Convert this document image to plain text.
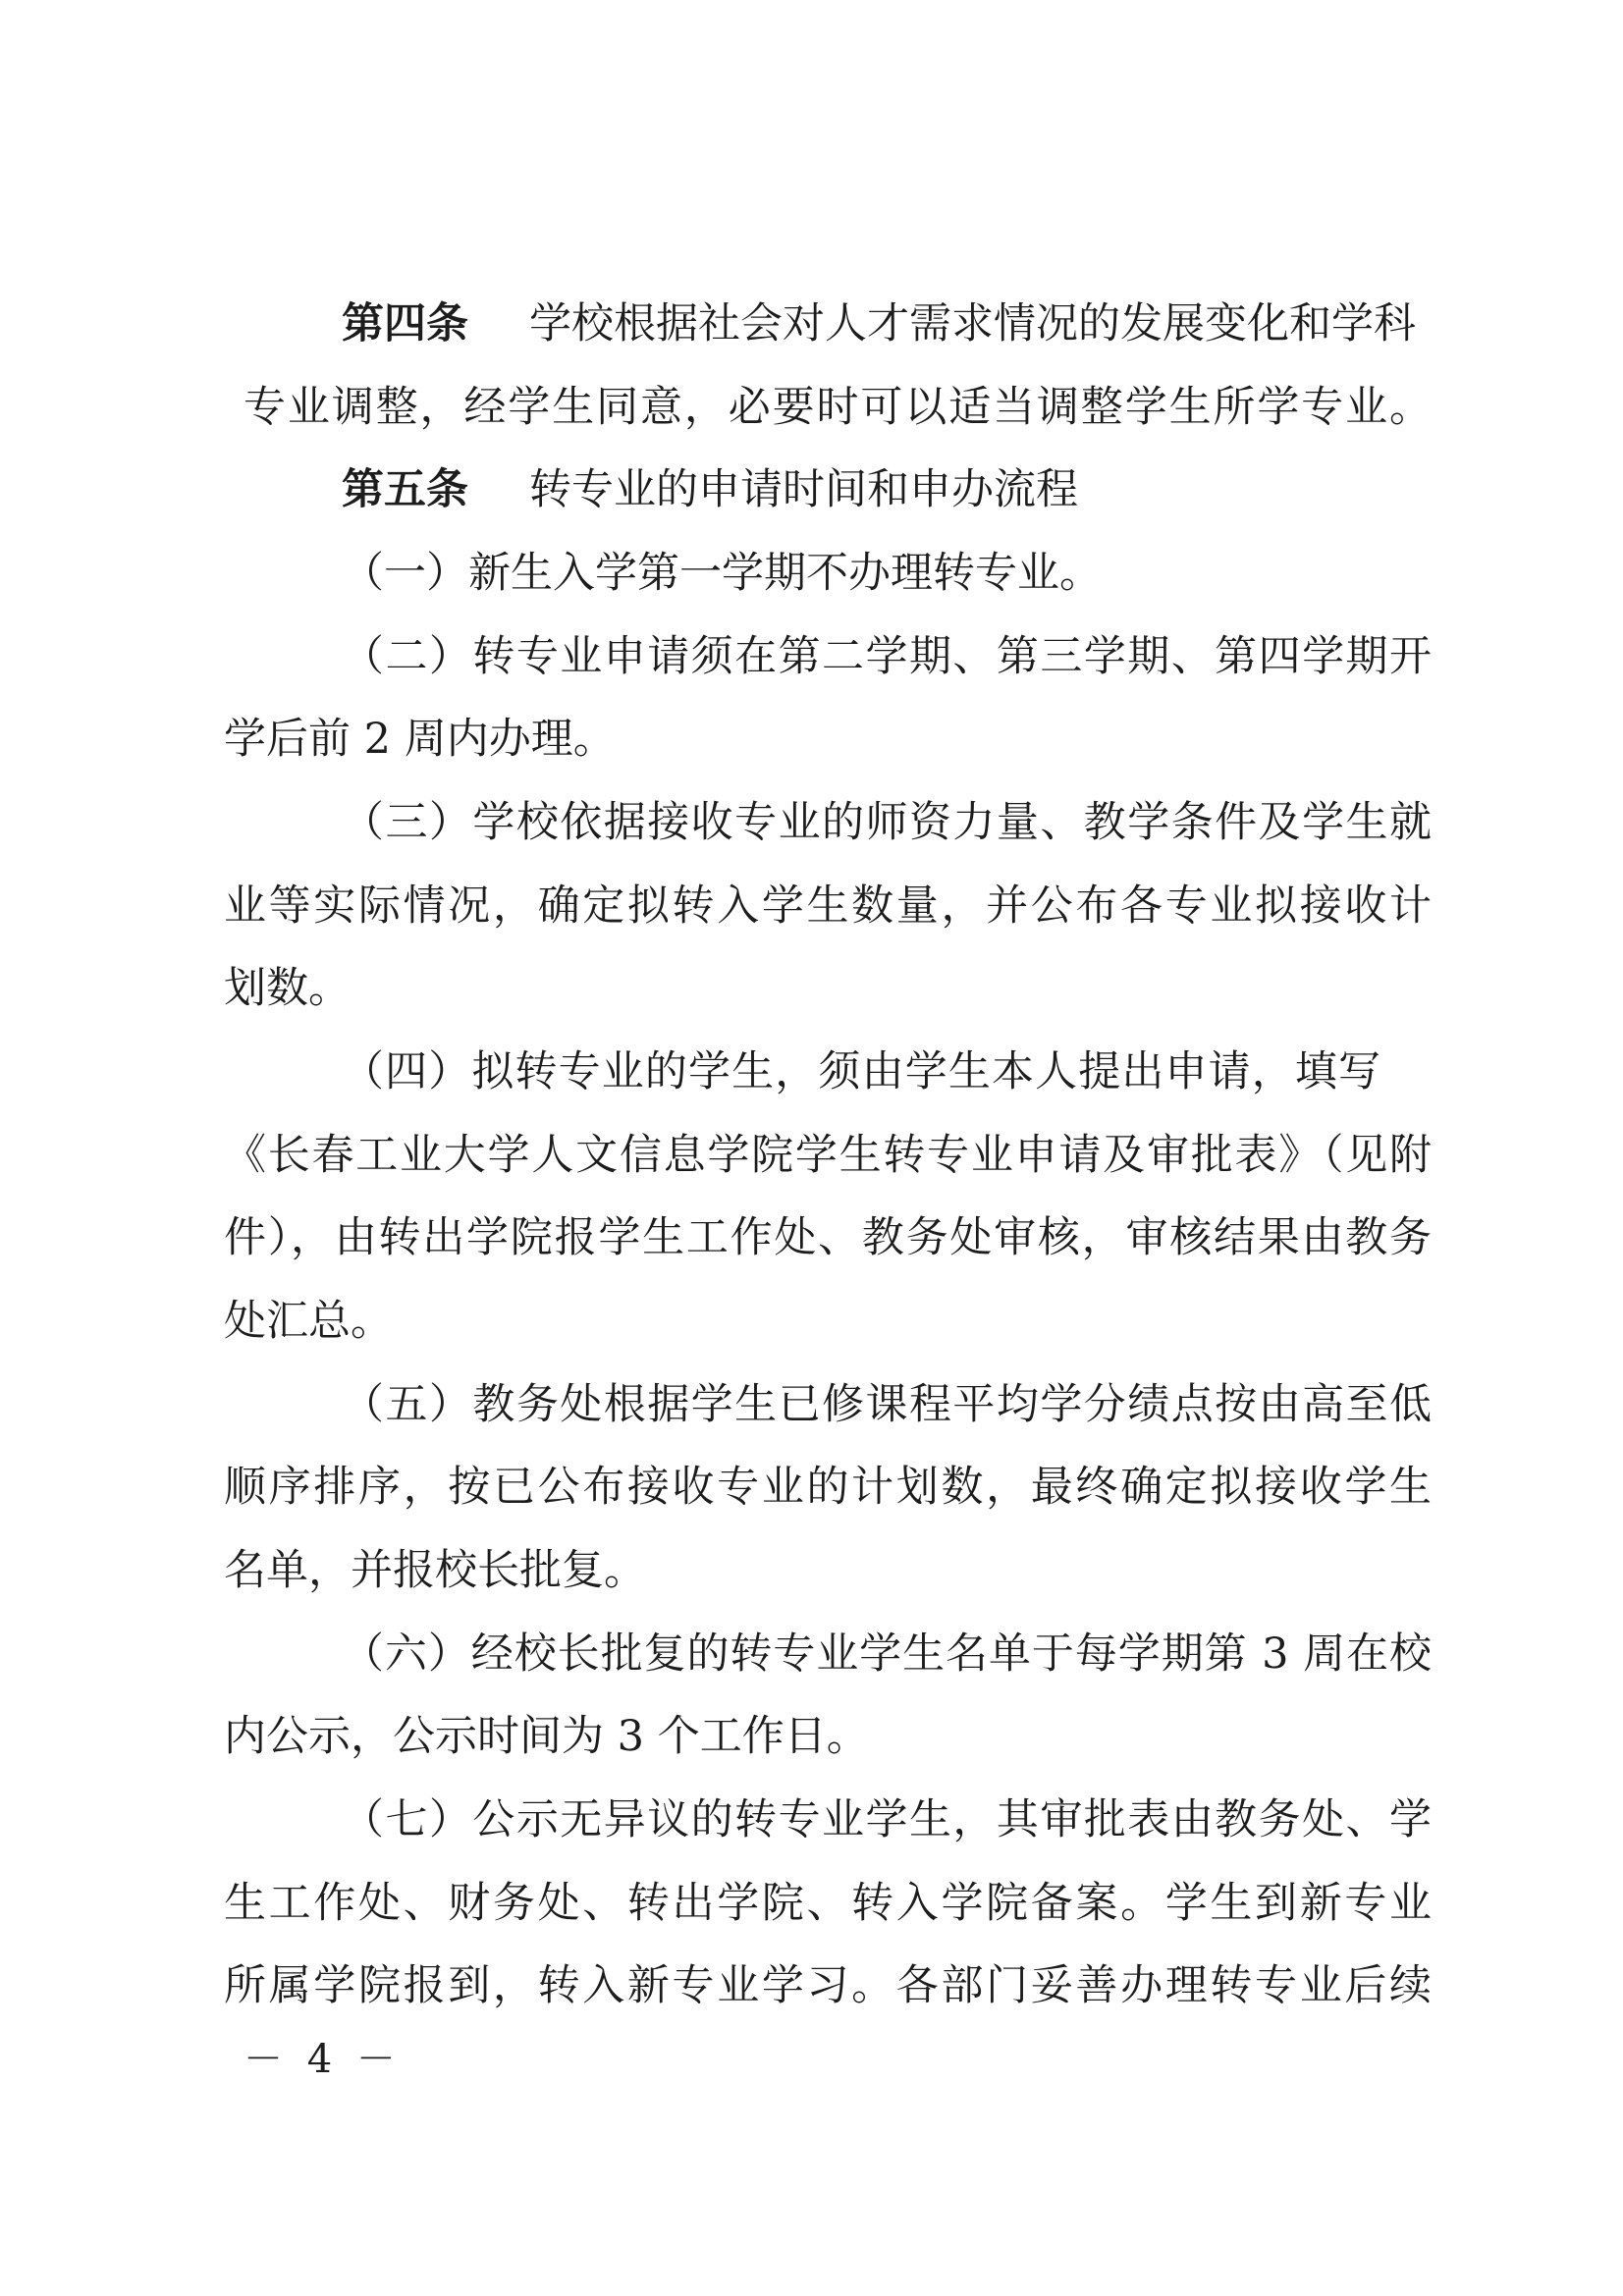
第四条 学校根据社会对人才需求情况的发展变化和学科
专业调整，经学生同意，必要时可以适当调整学生所学专业。
第五条 转专业的申请时间和申办流程
（一）新生入学第一学期不办理转专业。
（二）转专业申请须在第二学期、第三学期、第四学期开
学后前 2 周内办理。
（三）学校依据接收专业的师资力量、教学条件及学生就
业等实际情况，确定拟转入学生数量，并公布各专业拟接收计
划数。
（四）拟转专业的学生，须由学生本人提出申请，填写
《长春工业大学人文信息学院学生转专业申请及审批表》（见附
件），由转出学院报学生工作处、教务处审核，审核结果由教务
处汇总。
（五）教务处根据学生已修课程平均学分绩点按由高至低
顺序排序，按已公布接收专业的计划数，最终确定拟接收学生
名单，并报校长批复。
（六）经校长批复的转专业学生名单于每学期第 3 周在校
内公示，公示时间为 3 个工作日。
（七）公示无异议的转专业学生，其审批表由教务处、学
生工作处、财务处、转出学院、转入学院备案。学生到新专业
所属学院报到，转入新专业学习。各部门妥善办理转专业后续
－ 4 －
